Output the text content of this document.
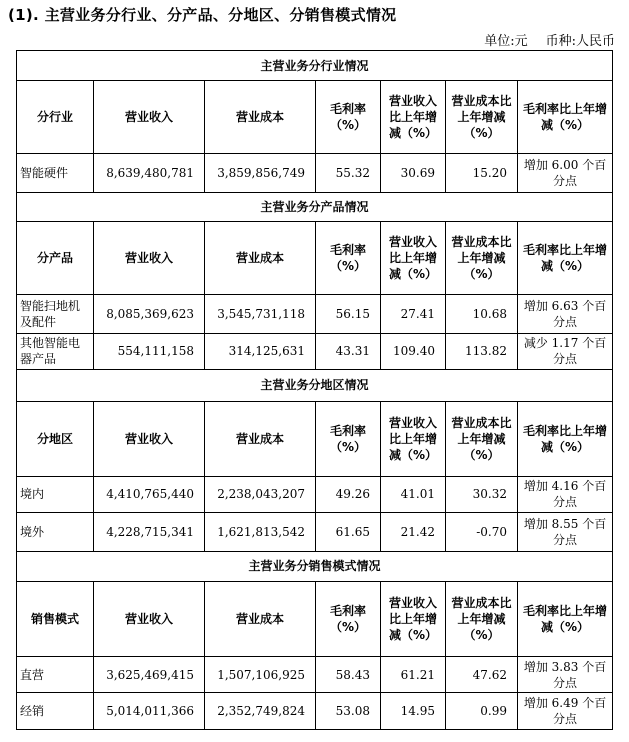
(1). 主营业务分行业、分产品、分地区、分销售模式情况
单位:元 币种:人民币
主营业务分行业情况						
分行业	营业收入	营业成本	毛利率（%）	营业收入比上年增减（%）	营业成本比上年增减（%）	毛利率比上年增减（%）
智能硬件	8,639,480,781	3,859,856,749	55.32	30.69	15.20	增加 6.00 个百分点
主营业务分产品情况						
分产品	营业收入	营业成本	毛利率（%）	营业收入比上年增减（%）	营业成本比上年增减（%）	毛利率比上年增减（%）
智能扫地机及配件	8,085,369,623	3,545,731,118	56.15	27.41	10.68	增加 6.63 个百分点
其他智能电器产品	554,111,158	314,125,631	43.31	109.40	113.82	减少 1.17 个百分点
主营业务分地区情况						
分地区	营业收入	营业成本	毛利率（%）	营业收入比上年增减（%）	营业成本比上年增减（%）	毛利率比上年增减（%）
境内	4,410,765,440	2,238,043,207	49.26	41.01	30.32	增加 4.16 个百分点
境外	4,228,715,341	1,621,813,542	61.65	21.42	-0.70	增加 8.55 个百分点
主营业务分销售模式情况						
销售模式	营业收入	营业成本	毛利率（%）	营业收入比上年增减（%）	营业成本比上年增减（%）	毛利率比上年增减（%）
直营	3,625,469,415	1,507,106,925	58.43	61.21	47.62	增加 3.83 个百分点
经销	5,014,011,366	2,352,749,824	53.08	14.95	0.99	增加 6.49 个百分点
